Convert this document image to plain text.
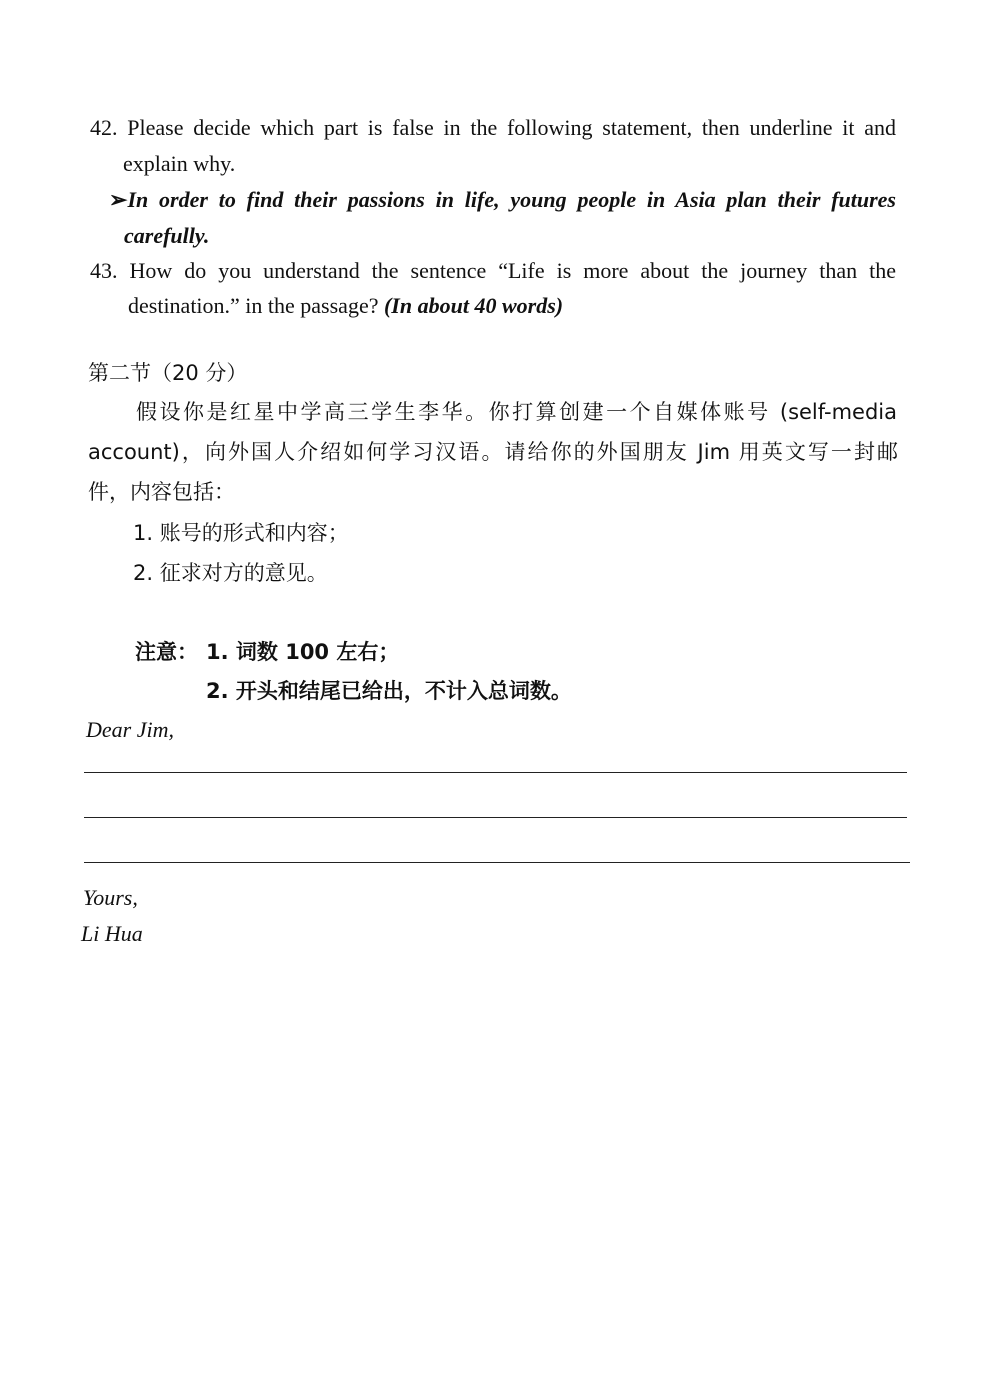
42. Please decide which part is false in the following statement, then underline it and
explain why.
➢In order to find their passions in life, young people in Asia plan their futures
carefully.
43. How do you understand the sentence “Life is more about the journey than the
destination.” in the passage? (In about 40 words)
第二节（20 分）
假设你是红星中学高三学生李华。你打算创建一个自媒体账号 (self-media
account)，向外国人介绍如何学习汉语。请给你的外国朋友 Jim 用英文写一封邮
件，内容包括：
1. 账号的形式和内容；
2. 征求对方的意见。
注意： 1. 词数 100 左右；
2. 开头和结尾已给出，不计入总词数。
Dear Jim,
Yours,
Li Hua
